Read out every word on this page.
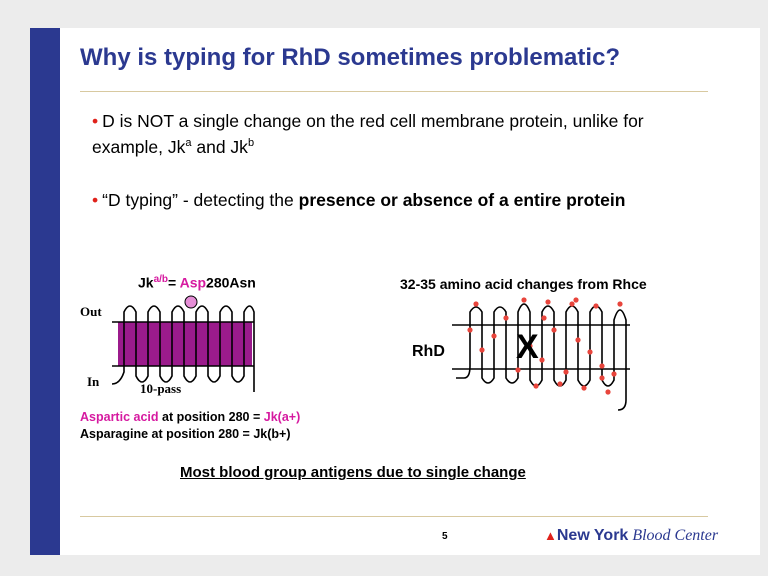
Why is typing for RhD sometimes problematic?
• D is NOT a single change on the red cell membrane protein, unlike for example, Jk$^a$ and Jk$^b$
• “D typing” - detecting the presence or absence of a entire protein
$Jk^{a/b}= Asp280Asn$
Out
In	10-pass
32-35 amino acid changes from Rhce
RhD X
Aspartic acid at position 280 = Jk(a+)
Asparagine at position 280 = Jk(b+)
Most blood group antigens due to single change
5	▲New York Blood Center
